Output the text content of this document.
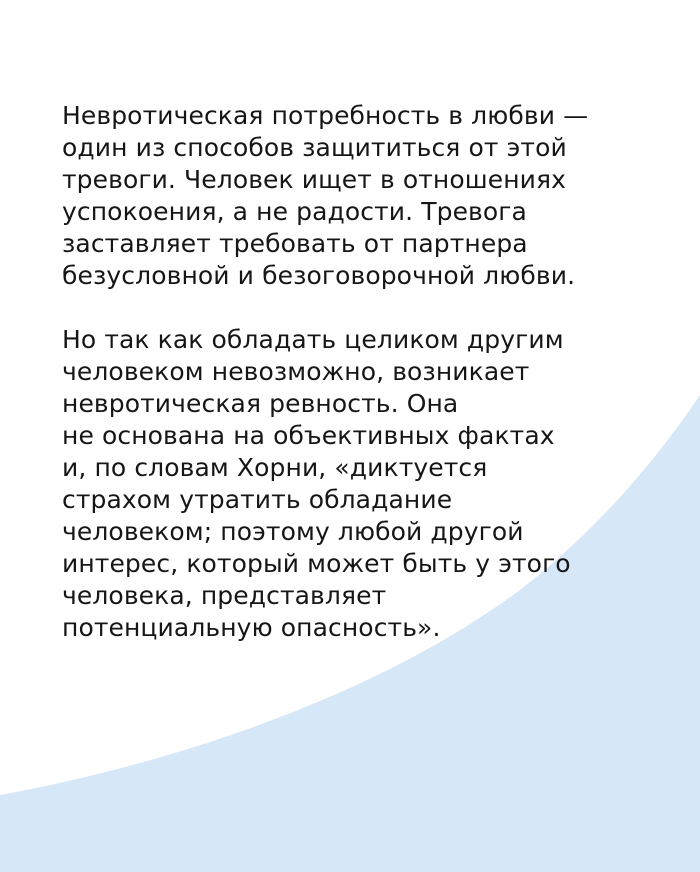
Невротическая потребность в любви —
один из способов защититься от этой
тревоги. Человек ищет в отношениях
успокоения, а не радости. Тревога
заставляет требовать от партнера
безусловной и безоговорочной любви.

Но так как обладать целиком другим
человеком невозможно, возникает
невротическая ревность. Она
не основана на объективных фактах
и, по словам Хорни, «диктуется
страхом утратить обладание
человеком; поэтому любой другой
интерес, который может быть у этого
человека, представляет
потенциальную опасность».
